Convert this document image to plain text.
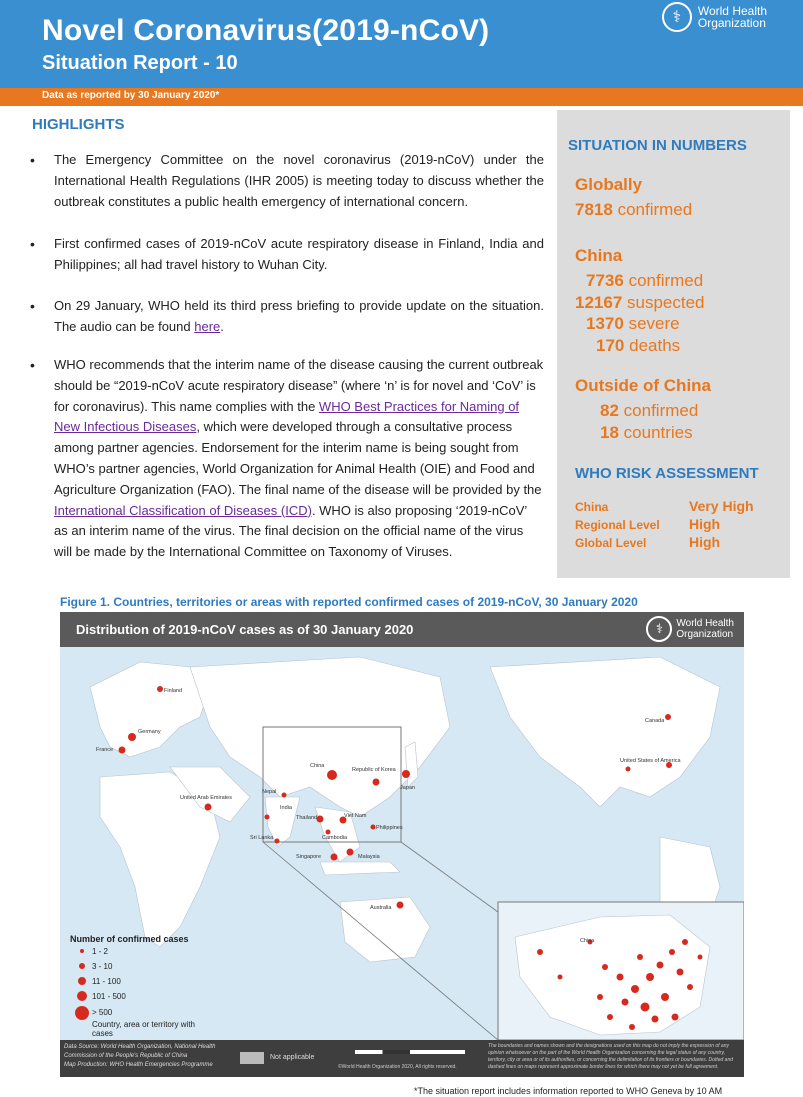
Novel Coronavirus(2019-nCoV)
Situation Report - 10
⚕	World Health
Organization
Data as reported by 30 January 2020*
HIGHLIGHTS
• The Emergency Committee on the novel coronavirus (2019-nCoV) under the International Health Regulations (IHR 2005) is meeting today to discuss whether the outbreak constitutes a public health emergency of international concern.
• First confirmed cases of 2019-nCoV acute respiratory disease in Finland, India and Philippines; all had travel history to Wuhan City.
• On 29 January, WHO held its third press briefing to provide update on the situation. The audio can be found here.
• WHO recommends that the interim name of the disease causing the current outbreak should be “2019-nCoV acute respiratory disease” (where ‘n’ is for novel and ‘CoV’ is for coronavirus). This name complies with the WHO Best Practices for Naming of New Infectious Diseases, which were developed through a consultative process among partner agencies. Endorsement for the interim name is being sought from WHO’s partner agencies, World Organization for Animal Health (OIE) and Food and Agriculture Organization (FAO). The final name of the disease will be provided by the International Classification of Diseases (ICD). WHO is also proposing ‘2019-nCoV’ as an interim name of the virus. The final decision on the official name of the virus will be made by the International Committee on Taxonomy of Viruses.
SITUATION IN NUMBERS
Globally
7818 confirmed
China
7736 confirmed
12167 suspected
1370 severe
170 deaths
Outside of China
82 confirmed
18 countries
WHO RISK ASSESSMENT
China	Very High
Regional Level High
Global Level	High
Figure 1. Countries, territories or areas with reported confirmed cases of 2019-nCoV, 30 January 2020
Distribution of 2019-nCoV cases as of 30 January 2020	⚕	World Health
Organization
Finland
Germany
France
United Arab Emirates
China
Republic of Korea
Japan
Nepal
India
Thailand	Viet Nam
Cambodia
Philippines
Sri Lanka
Singapore	Malaysia
Australia
Canada
United States of America
China
Number of confirmed cases
1 - 2
3 - 10
11 - 100
101 - 500
> 500
Country, area or territory with cases
Data Source: World Health Organization, National Health Commission of the People's Republic of China
Map Production: WHO Health Emergencies Programme
Not applicable
©World Health Organization 2020, All rights reserved.
The boundaries and names shown and the designations used on this map do not imply the expression of any opinion whatsoever on the part of the World Health Organization concerning the legal status of any country, territory, city or area or of its authorities, or concerning the delimitation of its frontiers or boundaries. Dotted and dashed lines on maps represent approximate border lines for which there may not yet be full agreement.
*The situation report includes information reported to WHO Geneva by 10 AM
